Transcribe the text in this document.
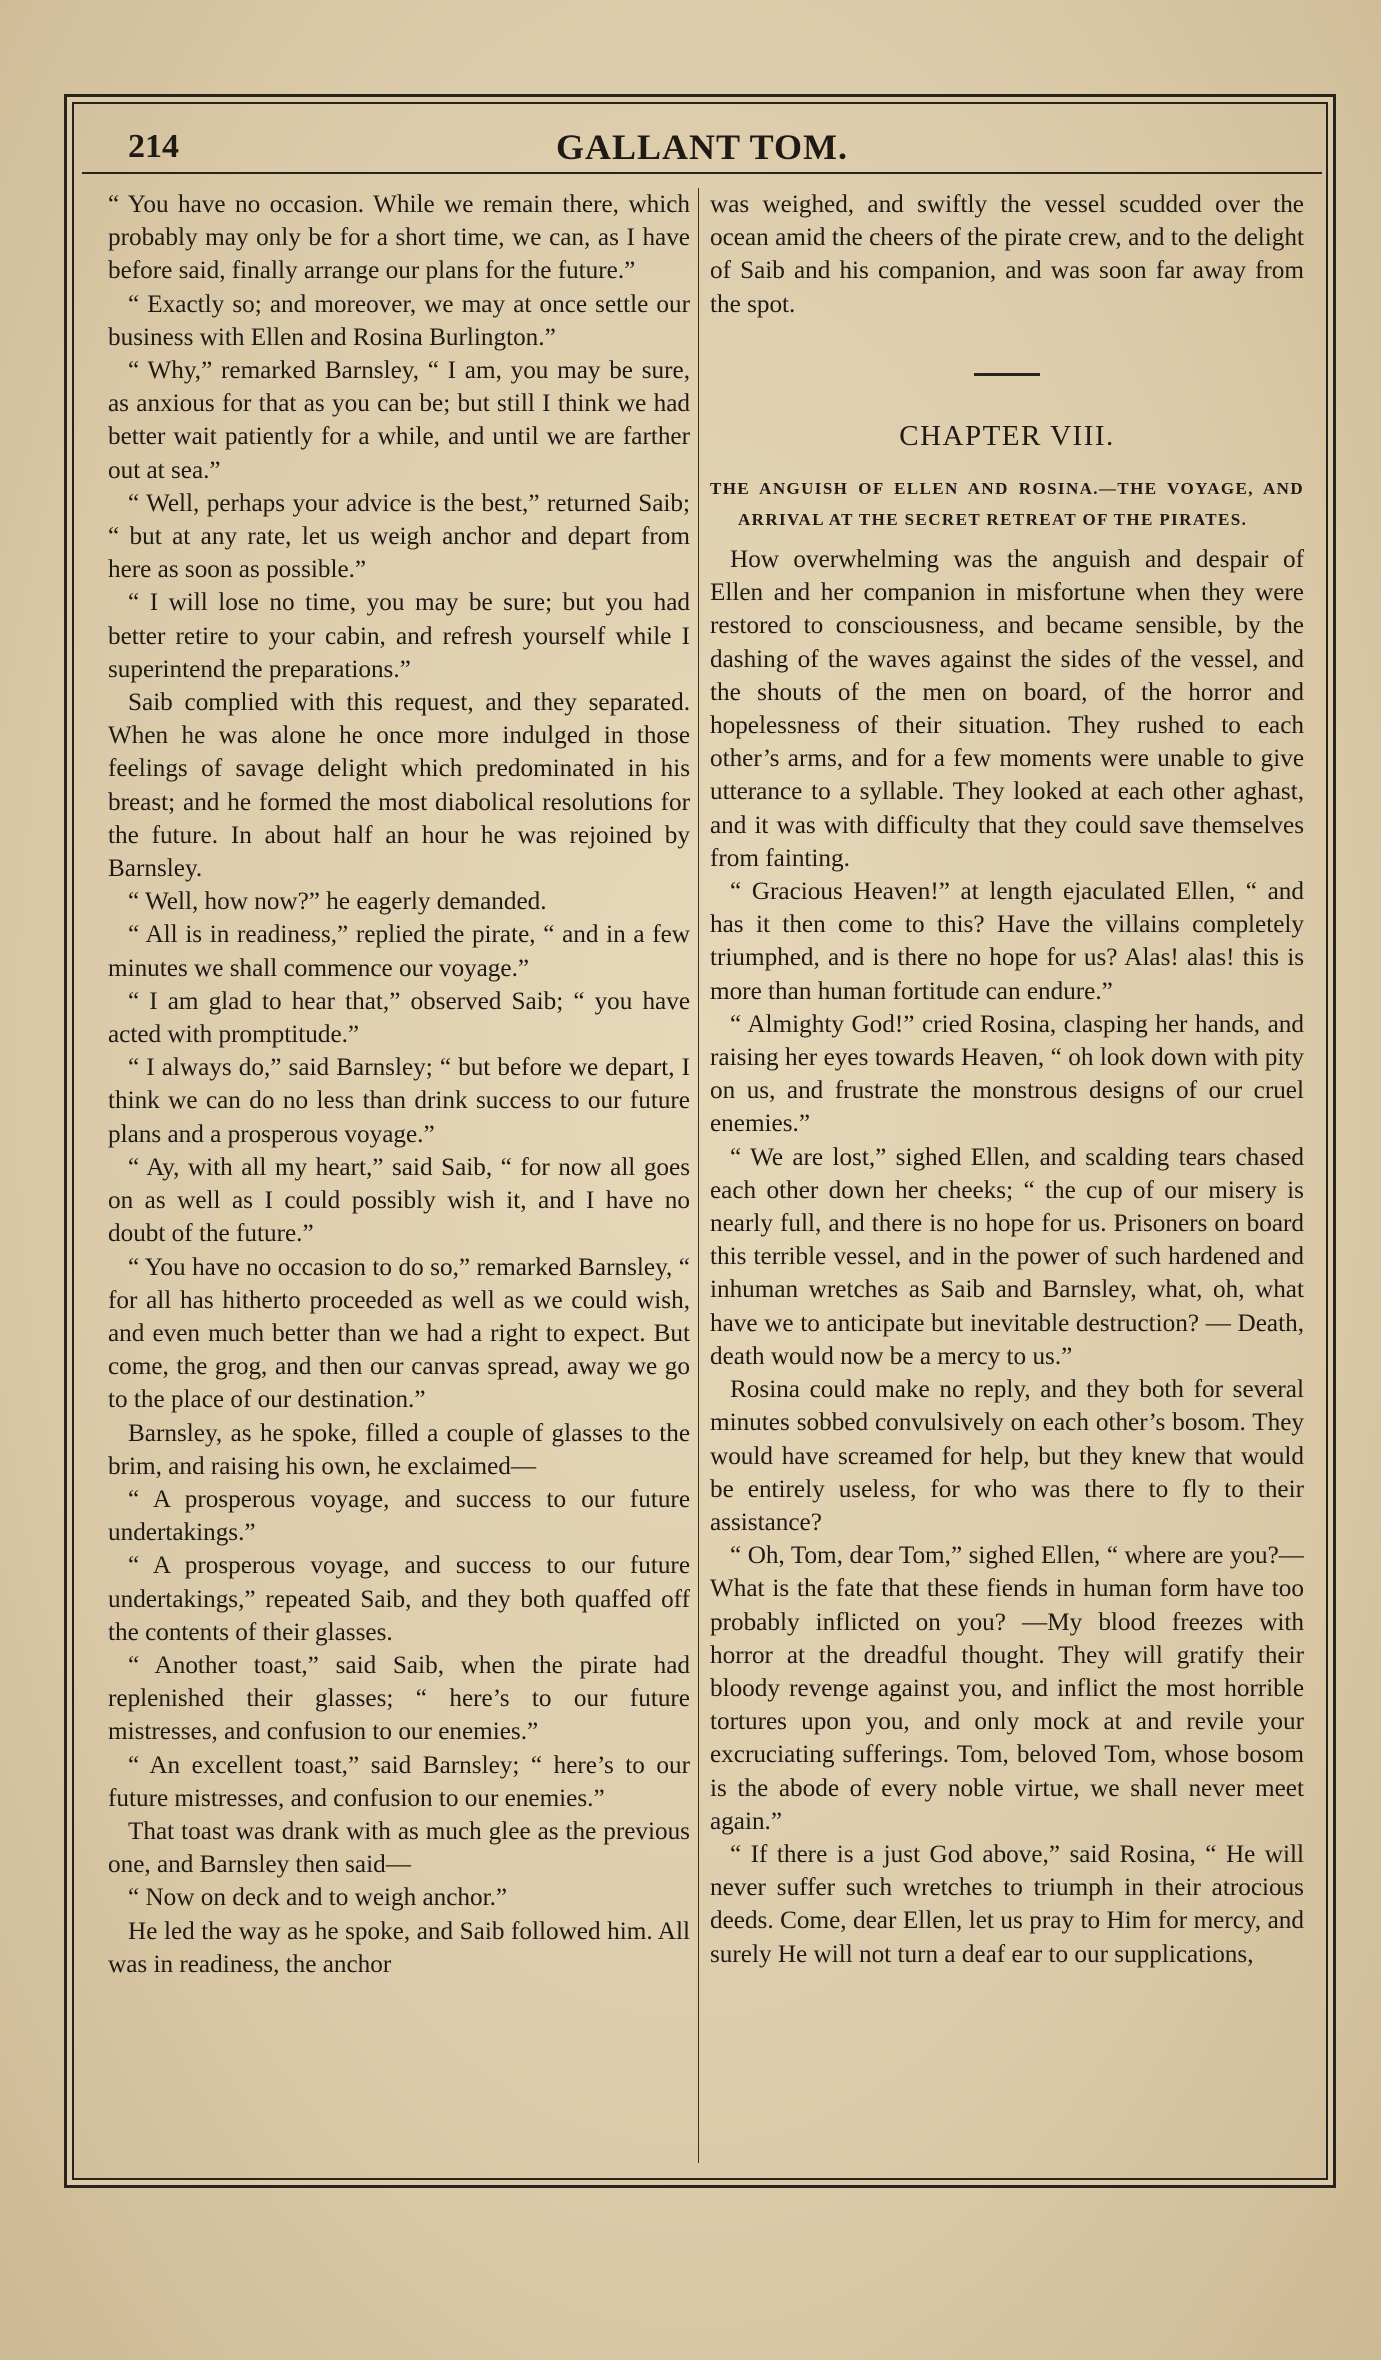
214	GALLANT TOM.

“ You have no occasion. While we remain there, which probably may only be for a short time, we can, as I have before said, finally arrange our plans for the future.”

“ Exactly so; and moreover, we may at once settle our business with Ellen and Rosina Burlington.”

“ Why,” remarked Barnsley, “ I am, you may be sure, as anxious for that as you can be; but still I think we had better wait patiently for a while, and until we are farther out at sea.”

“ Well, perhaps your advice is the best,” returned Saib; “ but at any rate, let us weigh anchor and depart from here as soon as possible.”

“ I will lose no time, you may be sure; but you had better retire to your cabin, and refresh yourself while I superintend the preparations.”

Saib complied with this request, and they separated. When he was alone he once more indulged in those feelings of savage delight which predominated in his breast; and he formed the most diabolical resolutions for the future. In about half an hour he was rejoined by Barnsley.

“ Well, how now?” he eagerly demanded.

“ All is in readiness,” replied the pirate, “ and in a few minutes we shall commence our voyage.”

“ I am glad to hear that,” observed Saib; “ you have acted with promptitude.”

“ I always do,” said Barnsley; “ but before we depart, I think we can do no less than drink success to our future plans and a prosperous voyage.”

“ Ay, with all my heart,” said Saib, “ for now all goes on as well as I could possibly wish it, and I have no doubt of the future.”

“ You have no occasion to do so,” remarked Barnsley, “ for all has hitherto proceeded as well as we could wish, and even much better than we had a right to expect. But come, the grog, and then our canvas spread, away we go to the place of our destination.”

Barnsley, as he spoke, filled a couple of glasses to the brim, and raising his own, he exclaimed—

“ A prosperous voyage, and success to our future undertakings.”

“ A prosperous voyage, and success to our future undertakings,” repeated Saib, and they both quaffed off the contents of their glasses.

“ Another toast,” said Saib, when the pirate had replenished their glasses; “ here’s to our future mistresses, and confusion to our enemies.”

“ An excellent toast,” said Barnsley; “ here’s to our future mistresses, and confusion to our enemies.”

That toast was drank with as much glee as the previous one, and Barnsley then said—

“ Now on deck and to weigh anchor.”

He led the way as he spoke, and Saib followed him. All was in readiness, the anchor

was weighed, and swiftly the vessel scudded over the ocean amid the cheers of the pirate crew, and to the delight of Saib and his companion, and was soon far away from the spot.

CHAPTER VIII.
THE ANGUISH OF ELLEN AND ROSINA.—THE VOYAGE, AND ARRIVAL AT THE SECRET RETREAT OF THE PIRATES.

How overwhelming was the anguish and despair of Ellen and her companion in misfortune when they were restored to consciousness, and became sensible, by the dashing of the waves against the sides of the vessel, and the shouts of the men on board, of the horror and hopelessness of their situation. They rushed to each other’s arms, and for a few moments were unable to give utterance to a syllable. They looked at each other aghast, and it was with difficulty that they could save themselves from fainting.

“ Gracious Heaven!” at length ejaculated Ellen, “ and has it then come to this? Have the villains completely triumphed, and is there no hope for us? Alas! alas! this is more than human fortitude can endure.”

“ Almighty God!” cried Rosina, clasping her hands, and raising her eyes towards Heaven, “ oh look down with pity on us, and frustrate the monstrous designs of our cruel enemies.”

“ We are lost,” sighed Ellen, and scalding tears chased each other down her cheeks; “ the cup of our misery is nearly full, and there is no hope for us. Prisoners on board this terrible vessel, and in the power of such hardened and inhuman wretches as Saib and Barnsley, what, oh, what have we to anticipate but inevitable destruction? — Death, death would now be a mercy to us.”

Rosina could make no reply, and they both for several minutes sobbed convulsively on each other’s bosom. They would have screamed for help, but they knew that would be entirely useless, for who was there to fly to their assistance?

“ Oh, Tom, dear Tom,” sighed Ellen, “ where are you?—What is the fate that these fiends in human form have too probably inflicted on you? —My blood freezes with horror at the dreadful thought. They will gratify their bloody revenge against you, and inflict the most horrible tortures upon you, and only mock at and revile your excruciating sufferings. Tom, beloved Tom, whose bosom is the abode of every noble virtue, we shall never meet again.”

“ If there is a just God above,” said Rosina, “ He will never suffer such wretches to triumph in their atrocious deeds. Come, dear Ellen, let us pray to Him for mercy, and surely He will not turn a deaf ear to our supplications,
